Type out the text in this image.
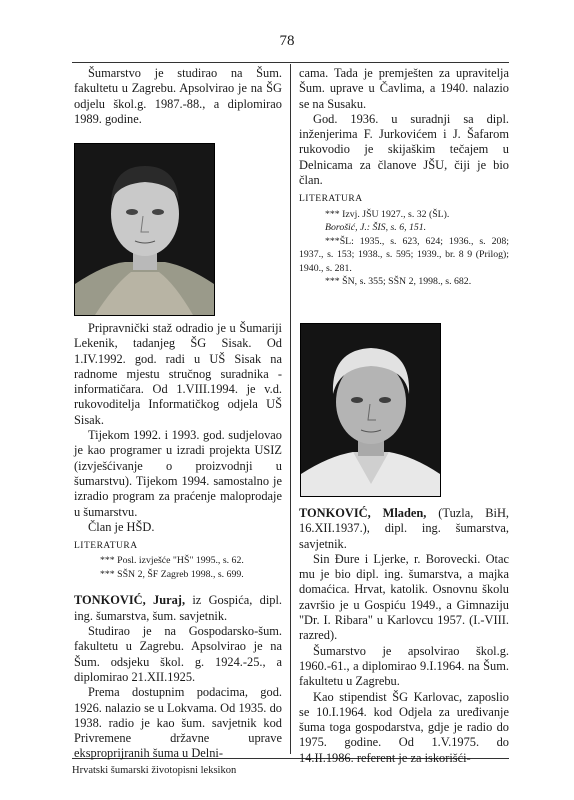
78

Šumarstvo je studirao na Šum. fakultetu u Zagrebu. Apsolvirao je na ŠG odjelu škol.g. 1987.-88., a diplomirao 1989. godine.

Pripravnički staž odradio je u Šumariji Lekenik, tadanjeg ŠG Sisak. Od 1.IV.1992. god. radi u UŠ Sisak na radnome mjestu stručnog suradnika - informatičara. Od 1.VIII.1994. je v.d. rukovoditelja Informatičkog odjela UŠ Sisak.

Tijekom 1992. i 1993. god. sudjelovao je kao programer u izradi projekta USIZ (izvješćivanje o proizvodnji u šumarstvu). Tijekom 1994. samostalno je izradio program za praćenje maloprodaje u šumarstvu.

Član je HŠD.

LITERATURA
*** Posl. izvješće "HŠ" 1995., s. 62.
*** SŠN 2, ŠF Zagreb 1998., s. 699.

TONKOVIĆ, Juraj, iz Gospića, dipl. ing. šumarstva, šum. savjetnik.

Studirao je na Gospodarsko-šum. fakultetu u Zagrebu. Apsolvirao je na Šum. odsjeku škol. g. 1924.-25., a diplomirao 21.XII.1925.

Prema dostupnim podacima, god. 1926. nalazio se u Lokvama. Od 1935. do 1938. radio je kao šum. savjetnik kod Privremene državne uprave eksproprijranih šuma u Delni-

cama. Tada je premješten za upravitelja Šum. uprave u Čavlima, a 1940. nalazio se na Susaku.

God. 1936. u suradnji sa dipl. inženjerima F. Jurkovićem i J. Šafarom rukovodio je skijaškim tečajem u Delnicama za članove JŠU, čiji je bio član.

LITERATURA
*** Izvj. JŠU 1927., s. 32 (ŠL).
Borošić, J.: ŠIS, s. 6, 151.
***ŠL: 1935., s. 623, 624; 1936., s. 208; 1937., s. 153; 1938., s. 595; 1939., br. 8 9 (Prilog); 1940., s. 281.
*** ŠN, s. 355; SŠN 2, 1998., s. 682.

TONKOVIĆ, Mladen, (Tuzla, BiH, 16.XII.1937.), dipl. ing. šumarstva, savjetnik.

Sin Đure i Ljerke, r. Borovecki. Otac mu je bio dipl. ing. šumarstva, a majka domaćica. Hrvat, katolik. Osnovnu školu završio je u Gospiću 1949., a Gimnaziju "Dr. I. Ribara" u Karlovcu 1957. (I.-VIII. razred).

Šumarstvo je apsolvirao škol.g. 1960.-61., a diplomirao 9.I.1964. na Šum. fakultetu u Zagrebu.

Kao stipendist ŠG Karlovac, zaposlio se 10.I.1964. kod Odjela za uređivanje šuma toga gospodarstva, gdje je radio do 1975. godine. Od 1.V.1975. do 14.II.1986. referent je za iskorišći-

Hrvatski šumarski životopisni leksikon
